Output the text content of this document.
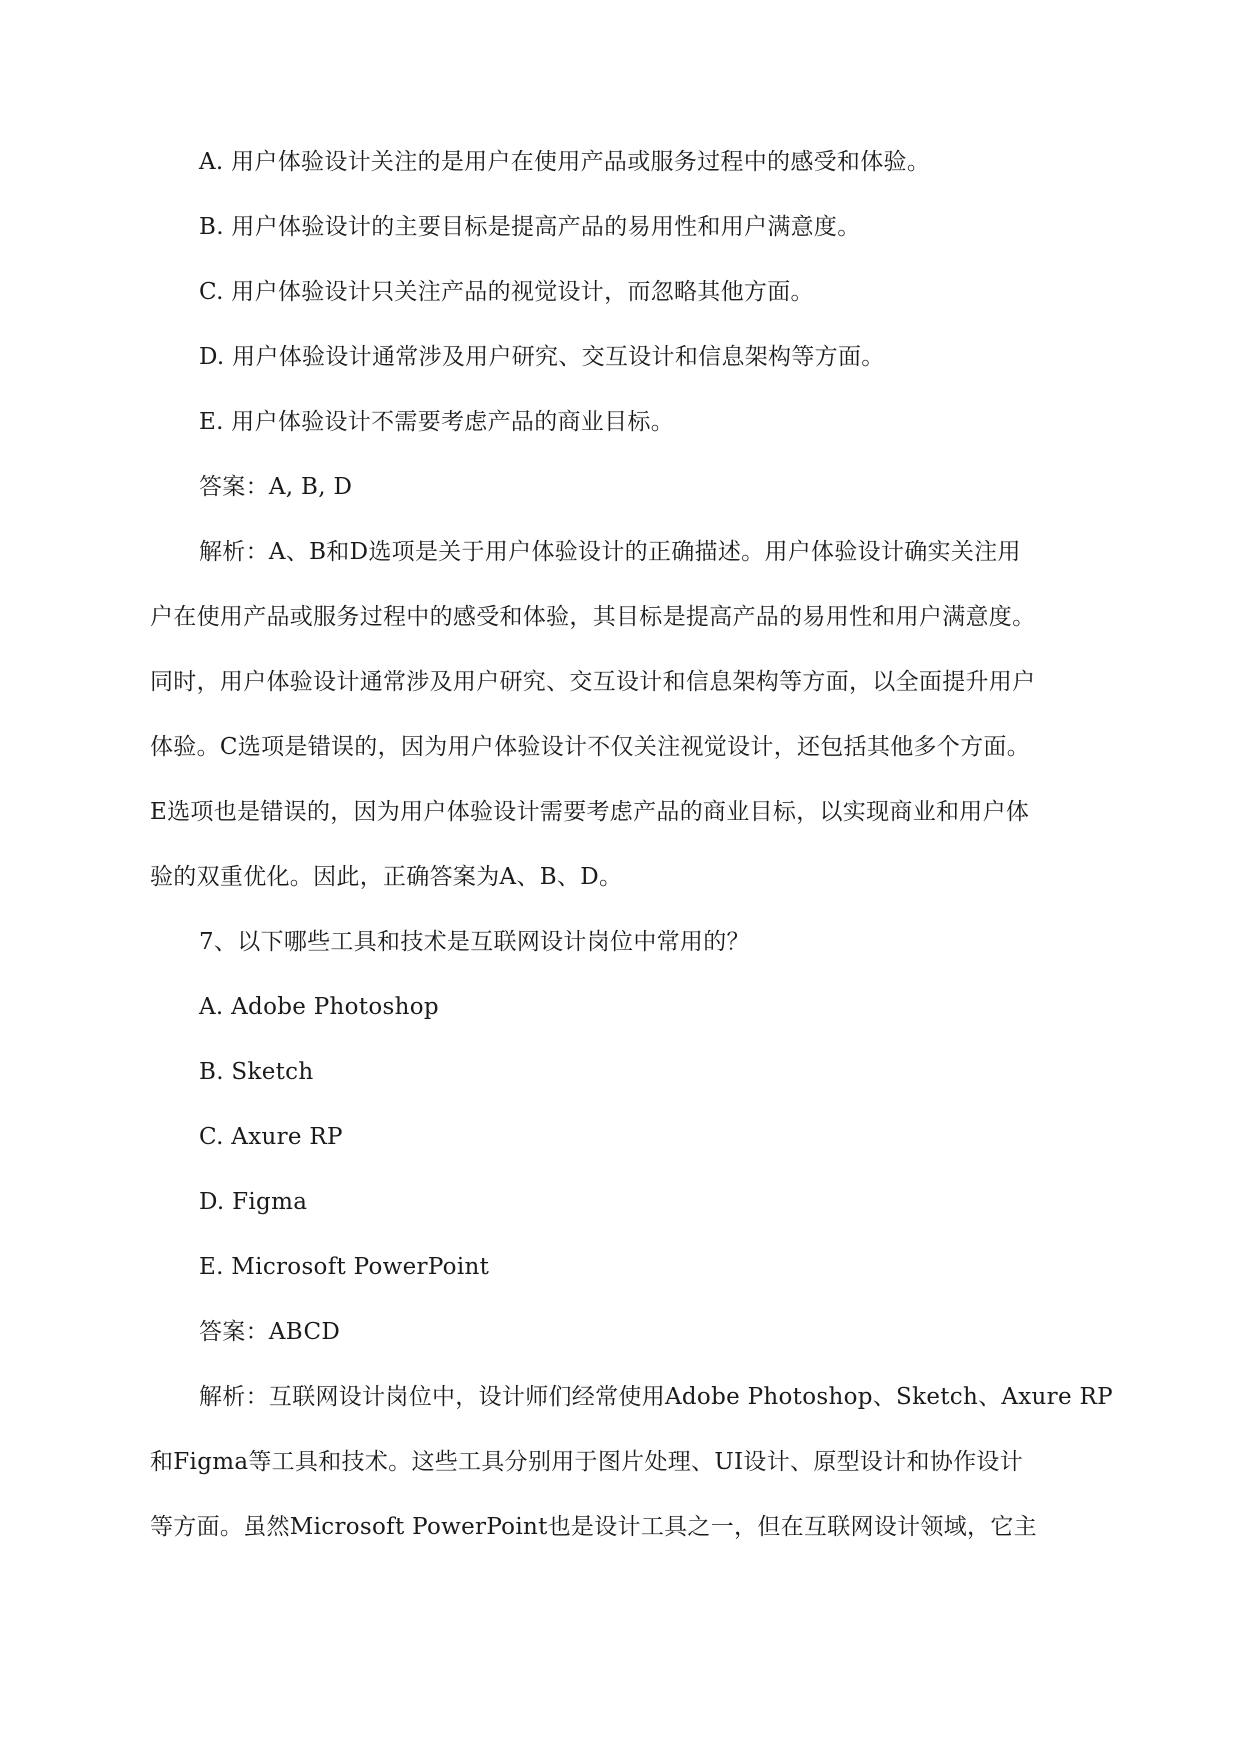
A. 用户体验设计关注的是用户在使用产品或服务过程中的感受和体验。
B. 用户体验设计的主要目标是提高产品的易用性和用户满意度。
C. 用户体验设计只关注产品的视觉设计，而忽略其他方面。
D. 用户体验设计通常涉及用户研究、交互设计和信息架构等方面。
E. 用户体验设计不需要考虑产品的商业目标。
答案：A, B, D
解析：A、B和D选项是关于用户体验设计的正确描述。用户体验设计确实关注用
户在使用产品或服务过程中的感受和体验，其目标是提高产品的易用性和用户满意度。
同时，用户体验设计通常涉及用户研究、交互设计和信息架构等方面，以全面提升用户
体验。C选项是错误的，因为用户体验设计不仅关注视觉设计，还包括其他多个方面。
E选项也是错误的，因为用户体验设计需要考虑产品的商业目标，以实现商业和用户体
验的双重优化。因此，正确答案为A、B、D。
7、以下哪些工具和技术是互联网设计岗位中常用的？
A. Adobe Photoshop
B. Sketch
C. Axure RP
D. Figma
E. Microsoft PowerPoint
答案：ABCD
解析：互联网设计岗位中，设计师们经常使用Adobe Photoshop、Sketch、Axure RP
和Figma等工具和技术。这些工具分别用于图片处理、UI设计、原型设计和协作设计
等方面。虽然Microsoft PowerPoint也是设计工具之一，但在互联网设计领域，它主
